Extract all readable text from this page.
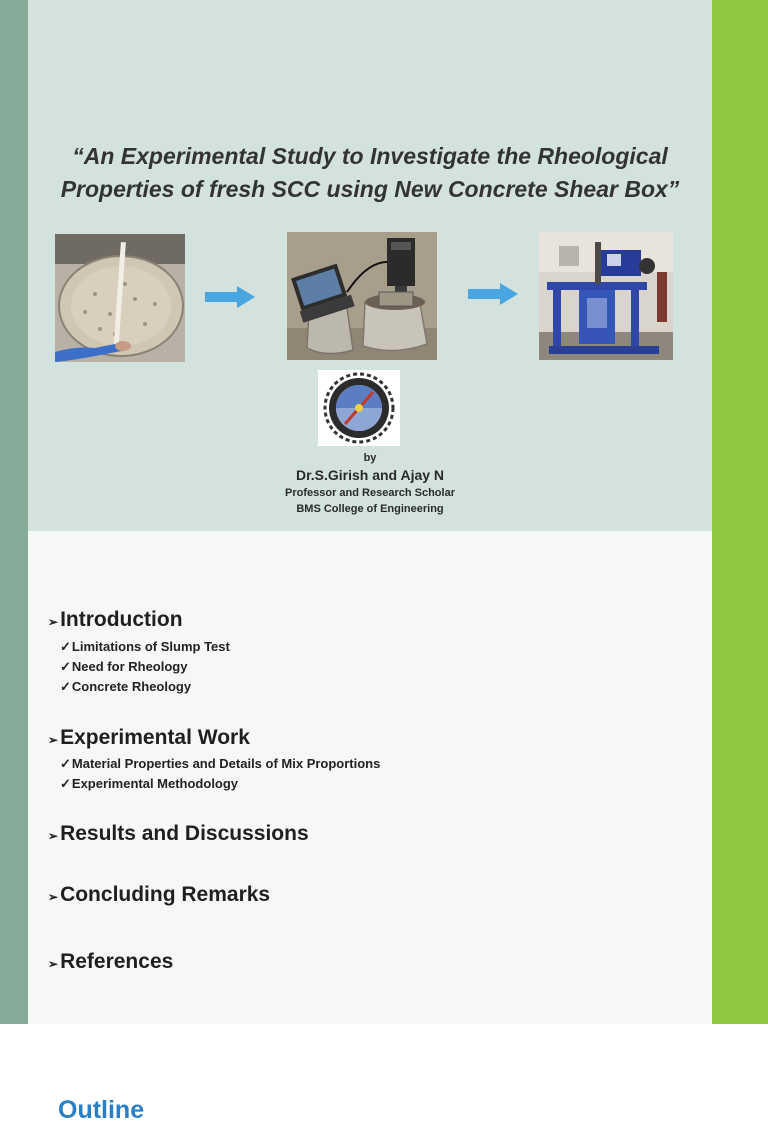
“An Experimental Study to Investigate the Rheological
Properties of fresh SCC using New Concrete Shear Box”
by
Dr.S.Girish and Ajay N
Professor and Research Scholar
BMS College of Engineering
Outline
➢Introduction
✓Limitations of Slump Test
✓Need for Rheology
✓Concrete Rheology
➢Experimental Work
✓Material Properties and Details of Mix Proportions
✓Experimental Methodology
➢Results and Discussions
➢Concluding Remarks
➢References
